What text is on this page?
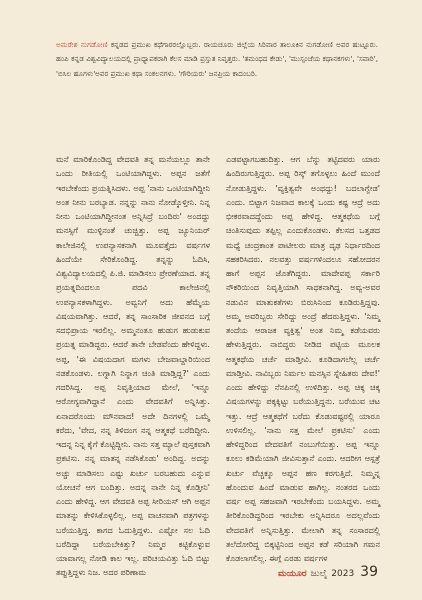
ಅಮರೇಶ ನುಗಡೋಣಿ ಕನ್ನಡದ ಪ್ರಮುಖ ಕಥೆಗಾರರಲ್ಲೊಬ್ಬರು. ರಾಯಚೂರು ಜಿಲ್ಲೆಯ ಸಿರಿವಾರ ತಾಲೂಕಿನ ನುಗಡೋಣಿ ಅವರ ಹುಟ್ಟೂರು. ಹಂಪಿ ಕನ್ನಡ ವಿಶ್ವವಿದ್ಯಾಲಯದಲ್ಲಿ ಪ್ರಾಧ್ಯಾಪಕರಾಗಿ ಕೆಲಸ ಮಾಡಿ ಪ್ರಸ್ತುತ ನಿವೃತ್ತರು. 'ತಮಂಧದ ಕೇಡು', 'ಮುಸ್ಸಂಜೆಯ ಕಥಾನಕಗಳು', 'ಸವಾರಿ', 'ಬಿಸಿಲ ಹೂಗಳು'ಅವರ ಪ್ರಮುಖ ಕಥಾ ಸಂಕಲನಗಳು. 'ಗೌರಿಯರು' ಜನಪ್ರಿಯ ಕಾದಂಬರಿ.

ಮನೆ ಮಾರಿಕೊಂಡಿದ್ದ ವೇದವತಿ ತನ್ನ ಮನೆಯಲ್ಲೂ ತಾನೇ ಒಂದು ರೀತಿಯಲ್ಲಿ ಒಂಟಿಯಾಗಿದ್ದಳು. ಅಪ್ಪನ ಜತೆಗೆ ಇರಬೇಕೆಂದು ಪ್ರಯತ್ನಿಸಿದಳು. ಅಪ್ಪ 'ನಾನು ಒಂಟಿಯಾಗಿದ್ದೀನಿ ಅಂತ ನೀನು ಬರಬ್ಯಾಡ. ನನ್ನನ್ನು ನಾನು ನೋಡ್ಕೊಳ್ತೀನಿ. ನಿನ್ನ ನೀನು ಒಂಟಿಯಾಗಿದ್ದೀನಂತ ಅನ್ನಿಸಿದ್ರೆ ಬಂದಿರು' ಅಂದದ್ದು ಮನಸ್ಸಿಗೆ ಮುಳ್ಳಿನಂತೆ ಚುಚ್ಚಿತ್ತು. ಅಪ್ಪ ಜ್ಯೂನಿಯರ್ ಕಾಲೇಜಿನಲ್ಲಿ ಉಪನ್ಯಾಸಕನಾಗಿ ಮೂವತ್ತೈದು ವರ್ಷಗಳ ಹಿಂದೆಯೇ ಸೇರಿಕೊಂಡಿದ್ದ. ತನ್ನನ್ನು ಓದಿಸಿ, ವಿಶ್ವವಿದ್ಯಾಲಯದಲ್ಲಿ ಪಿ.ಜಿ. ಮಾಡಿಸಲು ಪ್ರೇರಣೆಯಾದ. ತನ್ನ ಪ್ರಯತ್ನದಿಂದಲೂ ಪದವಿ ಕಾಲೇಜಿನಲ್ಲಿ ಉಪನ್ಯಾಸಕಳಾಗಿದ್ದಳು. ಅವ್ವನಿಗೆ ಅದು ಹೆಮ್ಮೆಯ ವಿಷಯವಾಗಿತ್ತು. ಆದರೆ, ತನ್ನ ಸಾಂಸಾರಿಕ ಜೀವನದ ಬಗ್ಗೆ ಸದಭಿಪ್ರಾಯ ಇರಲಿಲ್ಲ. ಅಮ್ಮನಂತೂ ಹುಡುಗ ಹುಡುಕುವ ಪ್ರಯತ್ನ ಮಾಡಿದ್ದರು. ಆದರೆ ತಾನೇ ಬೇಡವೆಂದು ಹೇಳಿದ್ದಳು. ಅಪ್ಪ, 'ಈ ವಿಷಯದಾಗ ಮಗಳು ಬೇಜವಾಬ್ದಾರಿಯಿಂದ ನಡಕೊಂಡಳು. ಲಗ್ನಾಗಿ ನಿನ್ನಾಗ ಚಿಂತಿ ಮಾಡ್ತಿದ್ದ?' ಎಂದು ಗದರಿಸಿದ್ದ. ಅಪ್ಪ ನಿವೃತ್ತಿಯಾದ ಮೇಲೆ, 'ಇನ್ನೂ ಆರೋಗ್ಯವಾಗಿದ್ದಾನೆ ಎಂದು ವೇದವತಿಗೆ ಅನ್ನಿಸಿತ್ತು. ಏನಾದರೊಂದು ಮೌನವಾದ! ಅದೇ ದಿನಗಳಲ್ಲಿ ಒಮ್ಮೆ ಕರೆದು, 'ವೇದ, ನನ್ನ ತಿಳಿದಂಗ ನನ್ನ ಆತ್ಮಕಥೆ ಬರೆದಿದ್ದೀನಿ. ಇದನ್ನ ನಿನ್ನ ಕೈಗೆ ಕೊಟ್ಟಿದ್ದೀನಿ. ನಾನು ಸತ್ತ ಮ್ಯಾಲೆ ಪುಸ್ತಕವಾಗಿ ಪ್ರಕಟಿಸು. ನನ್ನ ಮಾತನ್ನ ನಡೆಸಿಕೊಡು' ಅಂದಿದ್ದ. ಅದನ್ನು ಅಚ್ಚು ಮಾಡಿಸಲು ಎಷ್ಟು ಖರ್ಚು ಬರಬಹುದು ಎನ್ನುವ ಯೋಚನೆ ಆಗ ಬಂದಿತ್ತು. ಅದನ್ನ ನಾನೇ ನಿನ್ನ ಕೊಡ್ತೀನಿ' ಎಂದು ಹೇಳಿದ್ದ. ಆಗ ವೇದವತಿ ಅಪ್ಪ ಸೀರಿಯಸ್ ಆಗಿ ಅಪ್ಪನ ಮಾತನ್ನು ಕೇಳಿಸಿಕೊಳ್ಳಲಿಲ್ಲ. ಅಪ್ಪ ವಾಚನವಾಗಿ ಪತ್ರಗಳನ್ನು ಬರೆಯುತ್ತಿದ್ದ. ಕಾಗದ ಓದುತ್ತಿದ್ದಳು. ಎಷ್ಟೋ ಸಲ ಓದಿ ಬರೆದಿದ್ದಾ ಬರೆಯಬೇಕಿತ್ತು? ನಿಮ್ಮರ ಕಟ್ಟಿಕೊಳ್ಳುವ ಯಾವಾಗಲ್ಲ ನೋಡಿ ಕಾಲ ಇಲ್ಲ. ಪರಿಚಯವಿತ್ತು ಓದಿ ಬಿಟ್ಟು ತಪ್ಪುತ್ತಿದ್ದಳು ನಿಜ. ಅದರ ಪರಿಣಾಮ

ಎಡವಟ್ಟಾಗಬಹುದಿತ್ತು. ಆಗ ಬೆನ್ನು ತಟ್ಟಿದವರು ಯಾರು ಹಿಂದಿರುಗುತ್ತಿದ್ದರು. ಅಪ್ಪ ರಿಸ್ಕ್ ತಗೊಳ್ಳಲು ಹಿಂದೆ ಮುಂದೆ ನೋಡುತ್ತಿದ್ದಳು. 'ವ್ಯಕ್ತಿತ್ವವೇ ಅಂಥದ್ದು! ಬದಲಾಗ್ಬೇಡ' ಎಂದು. ಬಿಟ್ಟಾಗ ನಿಜವಾದ ಕಾಲಕ್ಕೆ ಒಂದು ಕಷ್ಟ ಆದ್ರೆ ಅದು ಭೀಕರವಾದದ್ದೆಂದು ಅಪ್ಪ ಹೇಳಿದ್ದ. ಆತ್ಮಕಥೆಯ ಬಗ್ಗೆ ಚಿಂತಿಸುವುದು ತಪ್ಪಿಲ್ಲ ಎಂದುಕೊಂಡಳು. ಕೆಲಸದ ಒತ್ತಡದ ಮಧ್ಯೆ ಚಂದ್ರಕಾಂತ ಪಾಟೀಲರು ಮಾತ್ರ ದೃಢ ನಿರ್ಧಾರದಿಂದ ಸಹಕರಿಸಿದರು. ನಲವತ್ತು ವರ್ಷಗಳಿಂದಲೂ ಸಹೋದರನ ಹಾಗೆ ಅಪ್ಪನ ಜೊತೆಗಿದ್ದರು. ಮಾದೇವಪ್ಪ ಸರ್ಕಾರಿ ನೌಕರಿಯಿಂದ ನಿವೃತ್ತಿಯಾಗಿ ಸಾಧಕನಾಗಿದ್ದ. ಅವ್ವ-ಅವರ ನಡುವಿನ ಮಾತುಕತೆಗಳು ಬಿರುಸಿನಿಂದ ಕೂಡಿರುತ್ತಿದ್ದವು. ಅಮ್ಮ ಅವರಿಬ್ಬರು ಸೇರಿದ್ದು ಅಂದ್ರೆ ಹೆದರುತ್ತಿದ್ದಳು. 'ನಿಮ್ಮ ತಂದೆಯ ಆರಾಜಕ ವ್ಯಕ್ತಿತ್ವ' ಅಂತ ನಿಮ್ಮ ಕಡೆಯವರು ಹೇಳುತ್ತಿದ್ದರು. ನಾಬಿದ್ದರು ನೀಡಿದ ಪಟ್ಟಿಯ ಮೂಲಕ ಆತ್ಮಕಥೆಯ ಚರ್ಚೆ ಮಾಡ್ತೀವಿ. ಕೂಡಿದಾಗಲೆಲ್ಲ ಚರ್ಚೆ ಮಾಡ್ತೀವಿ. ನಾವಿಬ್ಬರು ನಿರ್ಮಲ ಮನಸ್ಸಿನ ಸ್ನೇಹಿತರು ದೇವ!' ಎಂದು ಹೇಳಿದ್ದು ನೆನಪಿನಲ್ಲಿ ಉಳಿದಿತ್ತು. ಅಪ್ಪ ಚಿಕ್ಕ ಚಿಕ್ಕ ವಿಷಯಗಳನ್ನು ಪಕ್ಕಕ್ಕಿಟ್ಟು ಬರೆಯುತ್ತಿದ್ದನು. ಬರೆಯುವ ಚಟ ಇತ್ತು. ಆದ್ರೆ ಆತ್ಮಕಥೆಗೆ ಬರೆದು ಕೊಡುವಷ್ಟರಲ್ಲಿ ಯಾರೂ ಉಳಿಸಲಿಲ್ಲ. 'ನಾನು ಸತ್ತ ಮೇಲೆ ಪ್ರಕಟಿಸು' ಎಂದು ಹೇಳಿದ್ದರಿಂದ ವೇದವತಿಗೆ ನಂಬುಗೆಯಿತ್ತು. ಅಪ್ಪ ಇನ್ನೂ ಕೂಲು ಕಡಿಮೆಯಾಗಿ ಜೀವಿಸುತ್ತಾನೆ ಎಂದು. ಆದರೀಗ ಆಸ್ಪತ್ರೆ ಖರ್ಚು ವೆಚ್ಚಕ್ಕೂ ಅಪ್ಪನ ಹಣ ಕರಗುತ್ತಿದೆ. ನಿಮ್ಮನ್ನ ಹೊಂದುವ ಹಿಂದೆ ಮಾಡುವ ಹಾಗಿಲ್ಲ. ನಂತರದ ಒಂದು ವರ್ಷ ಅಪ್ಪ ಸಹಜವಾಗಿ ಇರಬೇಕೆಂದು ಬಯಸಿದ್ದಳು. ಅಮ್ಮ ತೀರಿಕೊಂಡಿದ್ದರಿಂದ ಇರಬೇಕು ಅನ್ನಿಸಿದರೂ ಅದಲ್ಲವೆಂದು ವೇದವತಿಗೆ ಅನ್ನಿಸುತ್ತಿತ್ತು. ಮೇಲಾಗಿ ತನ್ನ ಸಂಸಾರದಲ್ಲಿ ತಲೆದೋರಿದ್ದ ಬಿಕ್ಕಟ್ಟಿನಿಂದ ಅಪ್ಪನ ಕಡೆ ಸರಿಯಾಗಿ ಗಮನ ಕೊಡಲಾಗಲಿಲ್ಲ. ಈಗ್ಗೆ ಎರಡು ವರ್ಷಗಳ

ಮಯೂರ ಜುಲೈ 2023 39
